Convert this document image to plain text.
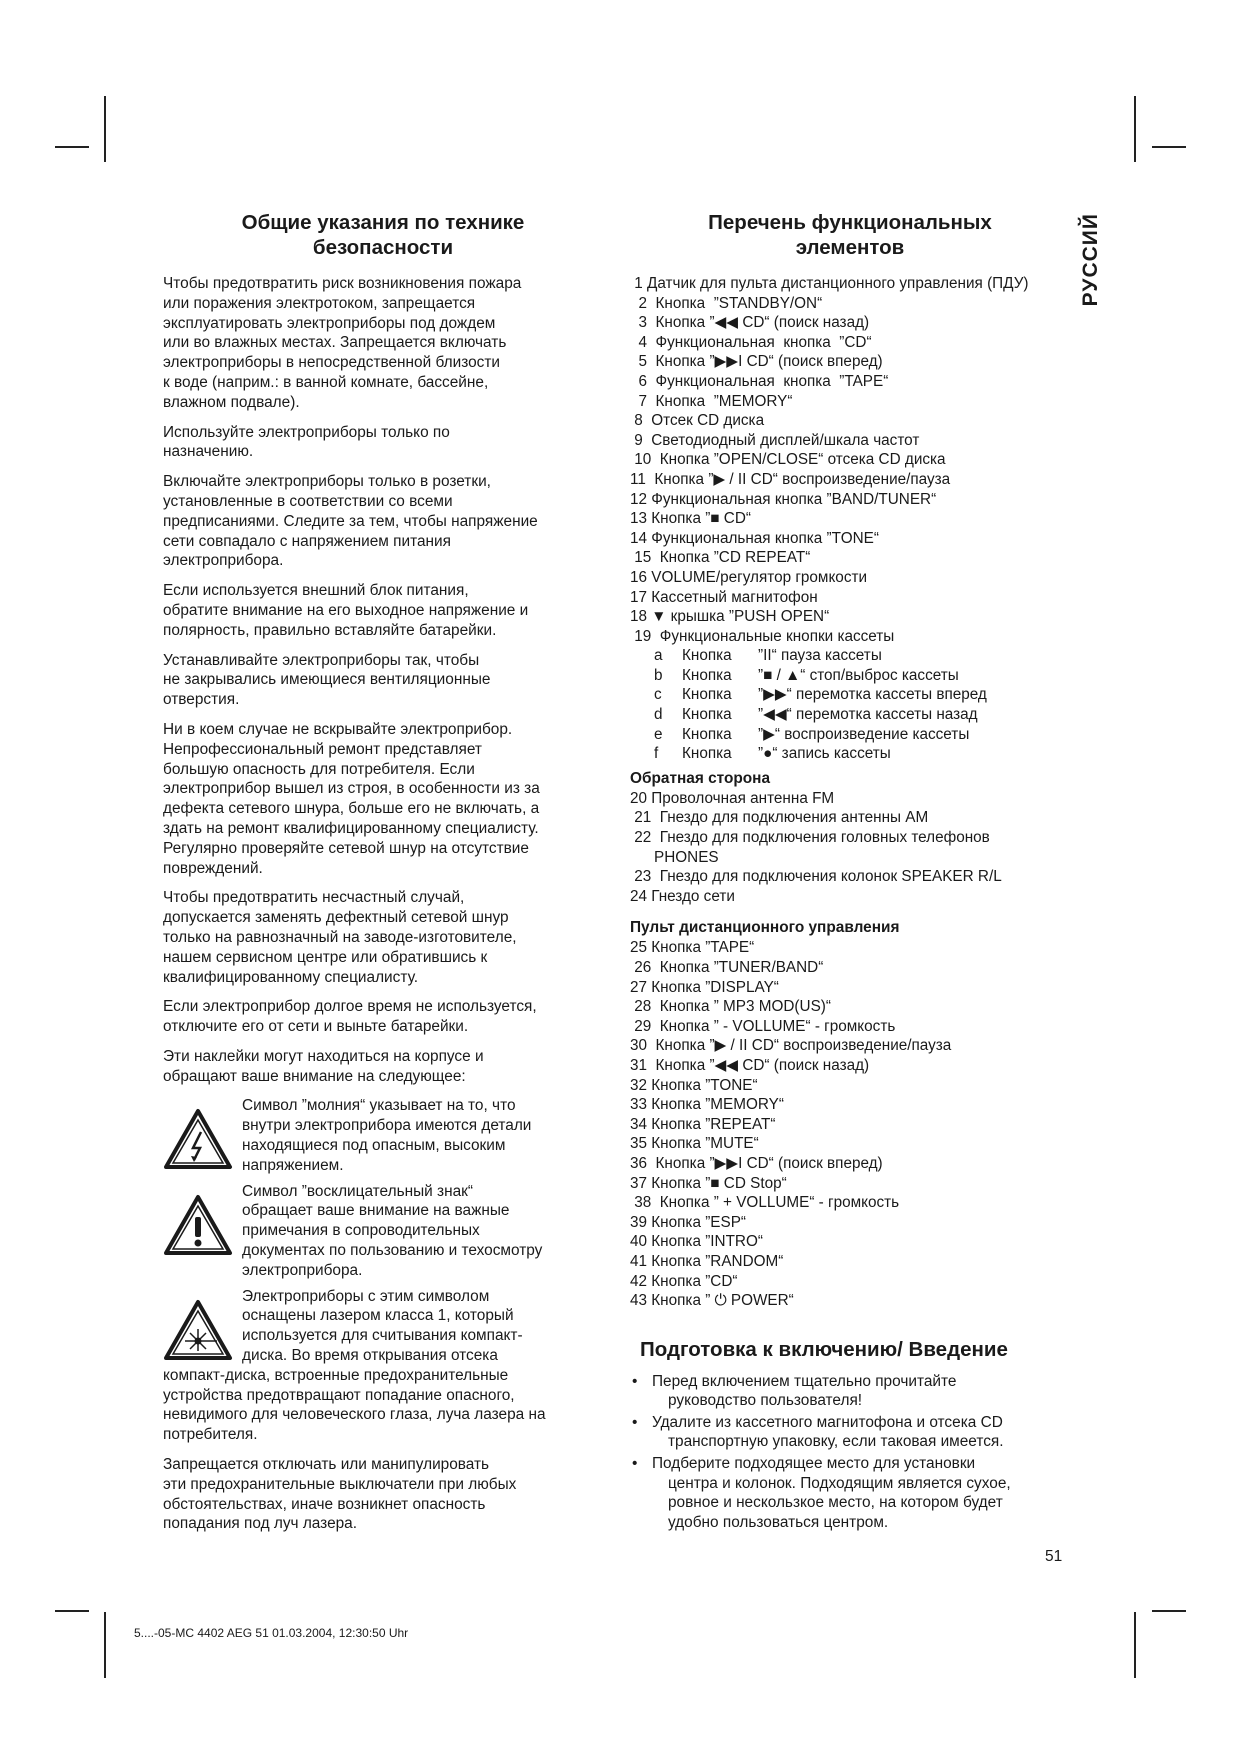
РУССИЙ
Общие указания по технике
безопасности
Чтобы предотвратить риск возникновения пожара
или поражения электротоком, запрещается
эксплуатировать электроприборы под дождем
или во влажных местах. Запрещается включать
электроприборы в непосредственной близости
к воде (наприм.: в ванной комнате, бассейне,
влажном подвале).
Используйте электроприборы только по
назначению.
Включайте электроприборы только в розетки,
установленные в соответствии со всеми
предписаниями. Следите за тем, чтобы напряжение
сети совпадало с напряжением питания
электроприбора.
Если используется внешний блок питания,
обратите внимание на его выходное напряжение и
полярность, правильно вставляйте батарейки.
Устанавливайте электроприборы так, чтобы
не закрывались имеющиеся вентиляционные
отверстия.
Ни в коем случае не вскрывайте электроприбор.
Непрофессиональный ремонт представляет
большую опасность для потребителя. Если
электроприбор вышел из строя, в особенности из за
дефекта сетевого шнура, больше его не включать, а
здать на ремонт квалифицированному специалисту.
Регулярно проверяйте сетевой шнур на отсутствие
повреждений.
Чтобы предотвратить несчастный случай,
допускается заменять дефектный сетевой шнур
только на равнозначный на заводе-изготовителе,
нашем сервисном центре или обратившись к
квалифицированному специалисту.
Если электроприбор долгое время не используется,
отключите его от сети и выньте батарейки.
Эти наклейки могут находиться на корпусе и
обращают ваше внимание на следующее:
Символ ”молния“ указывает на то, что
внутри электроприбора имеются детали
находящиеся под опасным, высоким
напряжением.
Символ ”восклицательный знак“
обращает ваше внимание на важные
примечания в сопроводительных
документах по пользованию и техосмотру
электроприбора.
Электроприборы с этим символом
оснащены лазером класса 1, который
используется для считывания компакт-
диска. Во время открывания отсека
компакт-диска, встроенные предохранительные
устройства предотвращают попадание опасного,
невидимого для человеческого глаза, луча лазера на
потребителя.
Запрещается отключать или манипулировать
эти предохранительные выключатели при любых
обстоятельствах, иначе возникнет опасность
попадания под луч лазера.
Перечень функциональных
элементов
1 Датчик для пульта дистанционного управления (ПДУ)
2  Кнопка  ”STANDBY/ON“
3  Кнопка ”◀◀ CD“ (поиск назад)
4  Функциональная  кнопка  ”CD“
5  Кнопка ”▶▶I CD“ (поиск вперед)
6  Функциональная  кнопка  ”TAPE“
7  Кнопка  ”MEMORY“
8  Отсек CD диска
9  Светодиодный дисплей/шкала частот
10  Кнопка ”OPEN/CLOSE“ отсека CD диска
11  Кнопка ”▶ / II CD“ воспроизведение/пауза
12 Функциональная кнопка ”BAND/TUNER“
13 Кнопка ”■ CD“
14 Функциональная кнопка ”TONE“
15  Кнопка ”CD REPEAT“
16 VOLUME/регулятор громкости
17 Кассетный магнитофон
18 ▼ крышка ”PUSH OPEN“
19  Функциональные кнопки кассеты
a	Кнопка	”II“ пауза кассеты
b	Кнопка	”■ / ▲“ стоп/выброс кассеты
c	Кнопка	”▶▶“ перемотка кассеты вперед
d	Кнопка	”◀◀“ перемотка кассеты назад
e	Кнопка	”▶“ воспроизведение кассеты
f	Кнопка	”●“ запись кассеты
Обратная сторона
20 Проволочная антенна FM
21  Гнездо для подключения антенны AM
22  Гнездо для подключения головных телефонов
PHONES
23  Гнездо для подключения колонок SPEAKER R/L
24 Гнездо сети
Пульт дистанционного управления
25 Кнопка ”TAPE“
26  Кнопка ”TUNER/BAND“
27 Кнопка ”DISPLAY“
28  Кнопка ” MP3 MOD(US)“
29  Кнопка ” - VOLLUME“ - громкость
30  Кнопка ”▶ / II CD“ воспроизведение/пауза
31  Кнопка ”◀◀ CD“ (поиск назад)
32 Кнопка ”TONE“
33 Кнопка ”MEMORY“
34 Кнопка ”REPEAT“
35 Кнопка ”MUTE“
36  Кнопка ”▶▶I CD“ (поиск вперед)
37 Кнопка ”■ CD Stop“
38  Кнопка ” + VOLLUME“ - громкость
39 Кнопка ”ESP“
40 Кнопка ”INTRO“
41 Кнопка ”RANDOM“
42 Кнопка ”CD“
43 Кнопка ” ⏻ POWER“
Подготовка к включению/ Введение
• Перед включением тщательно прочитайте
руководство пользователя!
• Удалите из кассетного магнитофона и отсека CD
транспортную упаковку, если таковая имеется.
• Подберите подходящее место для установки
центра и колонок. Подходящим является сухое,
ровное и нескользкое место, на котором будет
удобно пользоваться центром.
51
5....-05-MC 4402 AEG 51 01.03.2004, 12:30:50 Uhr
